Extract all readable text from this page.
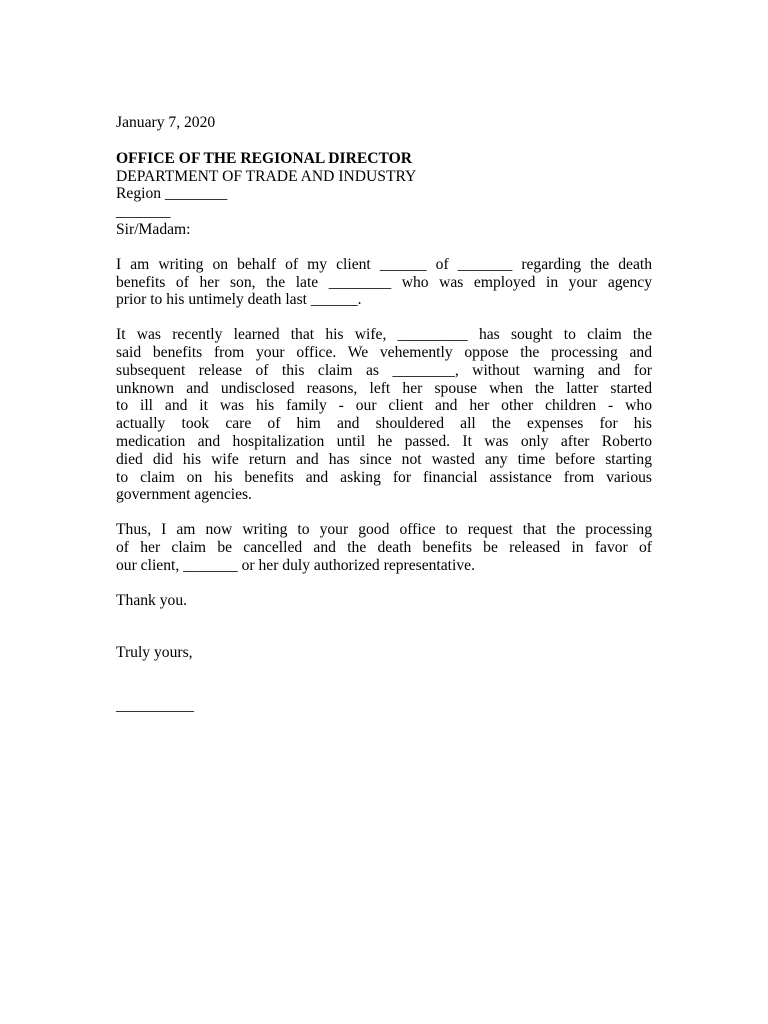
January 7, 2020
OFFICE OF THE REGIONAL DIRECTOR
DEPARTMENT OF TRADE AND INDUSTRY
Region ________
_______
Sir/Madam:
I am writing on behalf of my client ______ of _______ regarding the death
benefits of her son, the late ________ who was employed in your agency
prior to his untimely death last ______.
It was recently learned that his wife, _________ has sought to claim the
said benefits from your office. We vehemently oppose the processing and
subsequent release of this claim as ________, without warning and for
unknown and undisclosed reasons, left her spouse when the latter started
to ill and it was his family - our client and her other children - who
actually took care of him and shouldered all the expenses for his
medication and hospitalization until he passed. It was only after Roberto
died did his wife return and has since not wasted any time before starting
to claim on his benefits and asking for financial assistance from various
government agencies.
Thus, I am now writing to your good office to request that the processing
of her claim be cancelled and the death benefits be released in favor of
our client, _______ or her duly authorized representative.
Thank you.
Truly yours,
__________
